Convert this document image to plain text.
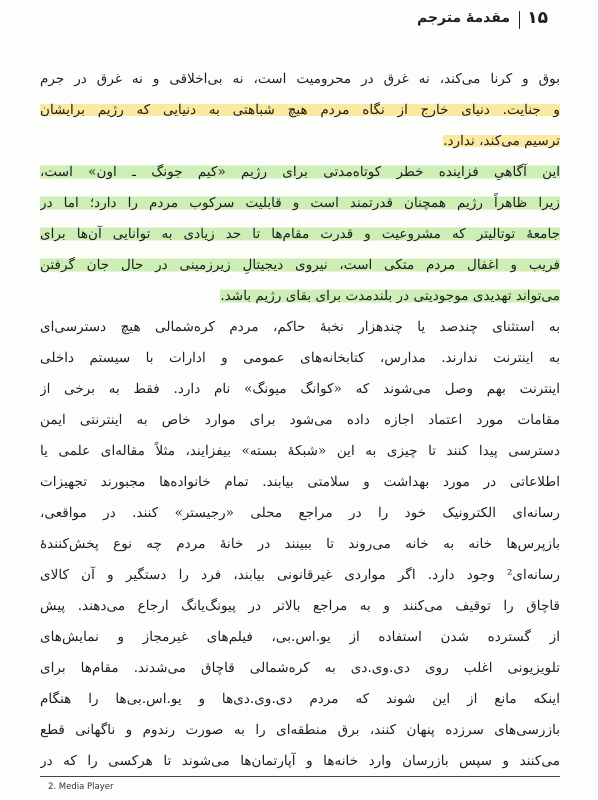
۱۵
مقدمهٔ مترجم
بوق و کرنا می‌کند، نه غرق در محرومیت است، نه بی‌اخلاقی و نه غرق در جرم
و جنایت. دنیای خارج از نگاه مردم هیچ شباهتی به دنیایی که رژیم برایشان
ترسیم می‌کند، ندارد.
این آگاهیِ فزاینده خطر کوتاه‌مدتی برای رژیم «کیم جونگ ـ اون» است،
زیرا ظاهراً رژیم همچنان قدرتمند است و قابلیت سرکوب مردم را دارد؛ اما در
جامعهٔ توتالیتر که مشروعیت و قدرت مقام‌ها تا حد زیادی به توانایی آن‌ها برای
فریب و اغفال مردم متکی است، نیروی دیجیتالِ زیرزمینی در حال جان گرفتن
می‌تواند تهدیدی موجودیتی در بلندمدت برای بقای رژیم باشد.
به استثنای چندصد یا چندهزار نخبهٔ حاکم، مردم کره‌شمالی هیچ دسترسی‌ای
به اینترنت ندارند. مدارس، کتابخانه‌های عمومی و ادارات با سیستم داخلی
اینترنت بهم وصل می‌شوند که «کوانگ میونگ» نام دارد. فقط به برخی از
مقامات مورد اعتماد اجازه داده می‌شود برای موارد خاص به اینترنتی ایمن
دسترسی پیدا کنند تا چیزی به این «شبکهٔ بسته» بیفزایند، مثلاً مقاله‌ای علمی یا
اطلاعاتی در مورد بهداشت و سلامتی بیابند. تمام خانواده‌ها مجبورند تجهیزات
رسانه‌ای الکترونیک خود را در مراجع محلی «رجیستر» کنند. در مواقعی،
بازپرس‌ها خانه به خانه می‌روند تا ببینند در خانهٔ مردم چه نوع پخش‌کنندهٔ
رسانه‌ای² وجود دارد. اگر مواردی غیرقانونی بیابند، فرد را دستگیر و آن کالای
قاچاق را توقیف می‌کنند و به مراجع بالاتر در پیونگ‌یانگ ارجاع می‌دهند. پیش
از گسترده شدن استفاده از یو.اس.بی، فیلم‌های غیرمجاز و نمایش‌های
تلویزیونی اغلب روی دی.وی.دی به کره‌شمالی قاچاق می‌شدند. مقام‌ها برای
اینکه مانع از این شوند که مردم دی.وی.دی‌ها و یو.اس.بی‌ها را هنگام
بازرسی‌های سرزده پنهان کنند، برق منطقه‌ای را به صورت رندوم و ناگهانی قطع
می‌کنند و سپس بازرسان وارد خانه‌ها و آپارتمان‌ها می‌شوند تا هرکسی را که در
2. Media Player
